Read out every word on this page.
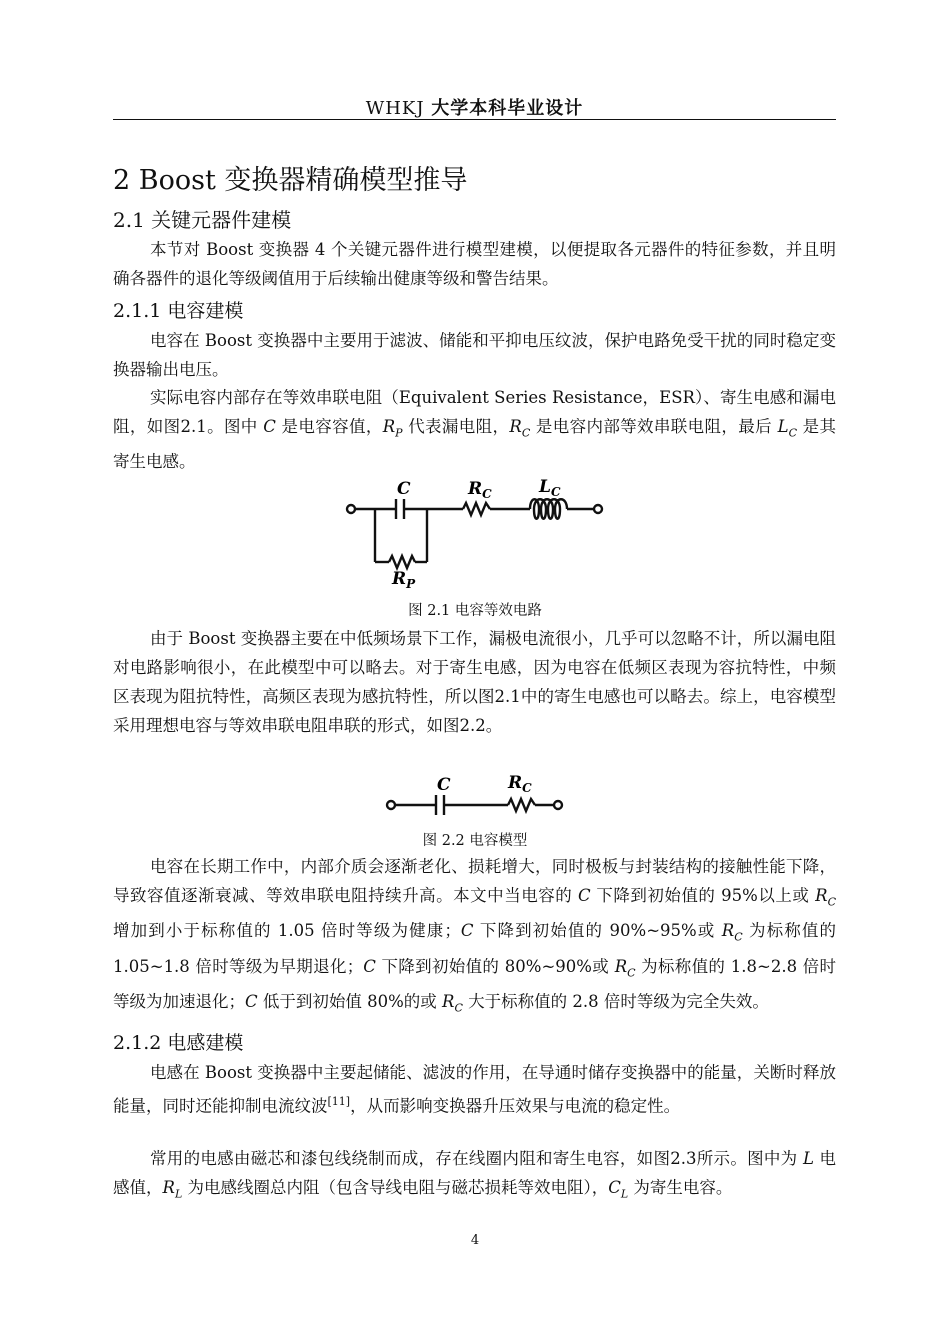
WHKJ 大学本科毕业设计
2 Boost 变换器精确模型推导
2.1 关键元器件建模

本节对 Boost 变换器 4 个关键元器件进行模型建模，以便提取各元器件的特征参数，并且明确各器件的退化等级阈值用于后续输出健康等级和警告结果。

2.1.1 电容建模

电容在 Boost 变换器中主要用于滤波、储能和平抑电压纹波，保护电路免受干扰的同时稳定变换器输出电压。

实际电容内部存在等效串联电阻（Equivalent Series Resistance，ESR）、寄生电感和漏电阻，如图2.1。图中 C 是电容容值，$R_P$ 代表漏电阻，$R_C$ 是电容内部等效串联电阻，最后 $L_C$ 是其寄生电感。

C	$R_C$	$L_C$
$R_P$
图 2.1 电容等效电路

由于 Boost 变换器主要在中低频场景下工作，漏极电流很小，几乎可以忽略不计，所以漏电阻对电路影响很小，在此模型中可以略去。对于寄生电感，因为电容在低频区表现为容抗特性，中频区表现为阻抗特性，高频区表现为感抗特性，所以图2.1中的寄生电感也可以略去。综上，电容模型采用理想电容与等效串联电阻串联的形式，如图2.2。

C	$R_C$
图 2.2 电容模型

电容在长期工作中，内部介质会逐渐老化、损耗增大，同时极板与封装结构的接触性能下降，导致容值逐渐衰减、等效串联电阻持续升高。本文中当电容的 C 下降到初始值的 95%以上或 $R_C$ 增加到小于标称值的 1.05 倍时等级为健康；C 下降到初始值的 90%~95%或 $R_C$ 为标称值的 1.05~1.8 倍时等级为早期退化；C 下降到初始值的 80%~90%或 $R_C$ 为标称值的 1.8~2.8 倍时等级为加速退化；C 低于到初始值 80%的或 $R_C$ 大于标称值的 2.8 倍时等级为完全失效。

2.1.2 电感建模

电感在 Boost 变换器中主要起储能、滤波的作用，在导通时储存变换器中的能量，关断时释放能量，同时还能抑制电流纹波[11]，从而影响变换器升压效果与电流的稳定性。

常用的电感由磁芯和漆包线绕制而成，存在线圈内阻和寄生电容，如图2.3所示。图中为 L 电感值，$R_L$ 为电感线圈总内阻（包含导线电阻与磁芯损耗等效电阻），$C_L$ 为寄生电容。

4
